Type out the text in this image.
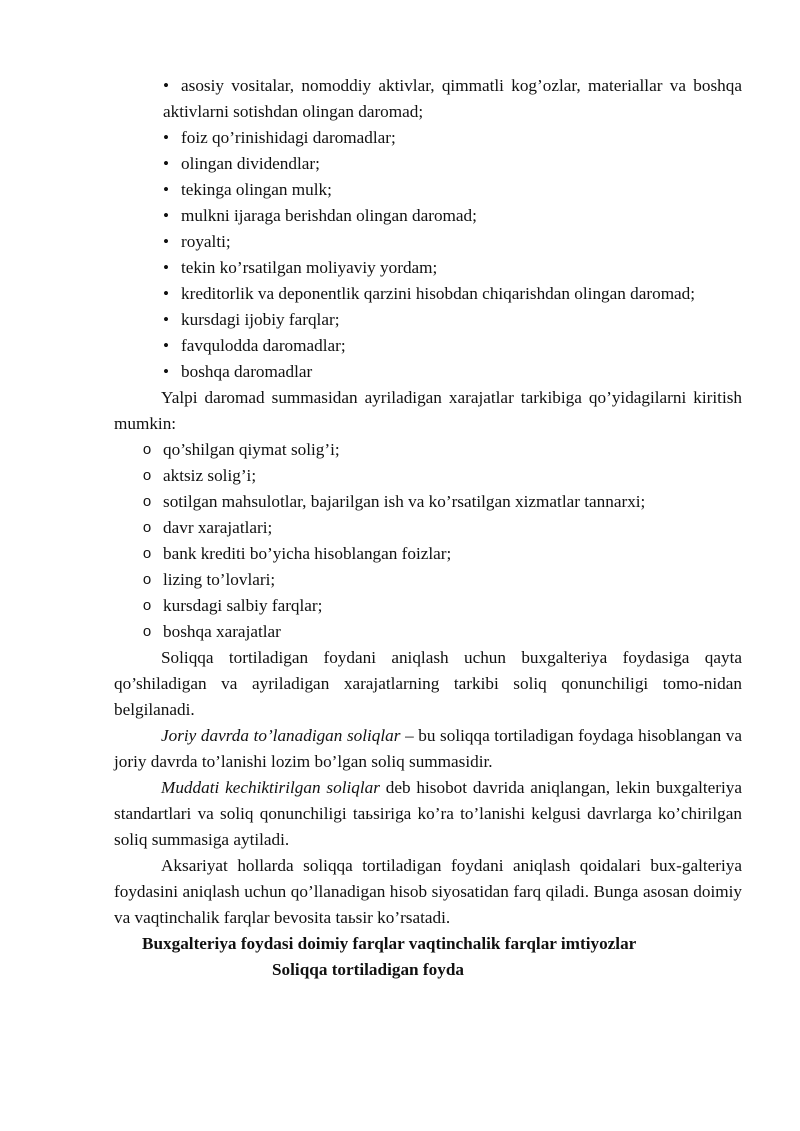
• asosiy vositalar, nomoddiy aktivlar, qimmatli kog’ozlar, materiallar va boshqa aktivlarni sotishdan olingan daromad;
• foiz qo’rinishidagi daromadlar;
• olingan dividendlar;
• tekinga olingan mulk;
• mulkni ijaraga berishdan olingan daromad;
• royalti;
• tekin ko’rsatilgan moliyaviy yordam;
• kreditorlik va deponentlik qarzini hisobdan chiqarishdan olingan daromad;
• kursdagi ijobiy farqlar;
• favqulodda daromadlar;
• boshqa daromadlar

Yalpi daromad summasidan ayriladigan xarajatlar tarkibiga qo’yidagilarni kiritish mumkin:

o qo’shilgan qiymat solig’i;
o aktsiz solig’i;
o sotilgan mahsulotlar, bajarilgan ish va ko’rsatilgan xizmatlar tannarxi;
o davr xarajatlari;
o bank krediti bo’yicha hisoblangan foizlar;
o lizing to’lovlari;
o kursdagi salbiy farqlar;
o boshqa xarajatlar

Soliqqa tortiladigan foydani aniqlash uchun buxgalteriya foydasiga qayta qo’shiladigan va ayriladigan xarajatlarning tarkibi soliq qonunchiligi tomo-nidan belgilanadi.

Joriy davrda to’lanadigan soliqlar – bu soliqqa tortiladigan foydaga hisoblangan va joriy davrda to’lanishi lozim bo’lgan soliq summasidir.

Muddati kechiktirilgan soliqlar deb hisobot davrida aniqlangan, lekin buxgalteriya standartlari va soliq qonunchiligi taьsiriga ko’ra to’lanishi kelgusi davrlarga ko’chirilgan soliq summasiga aytiladi.

Aksariyat hollarda soliqqa tortiladigan foydani aniqlash qoidalari bux-galteriya foydasini aniqlash uchun qo’llanadigan hisob siyosatidan farq qiladi. Bunga asosan doimiy va vaqtinchalik farqlar bevosita taьsir ko’rsatadi.

Buxgalteriya foydasi doimiy farqlar vaqtinchalik farqlar imtiyozlar
Soliqqa tortiladigan foyda
